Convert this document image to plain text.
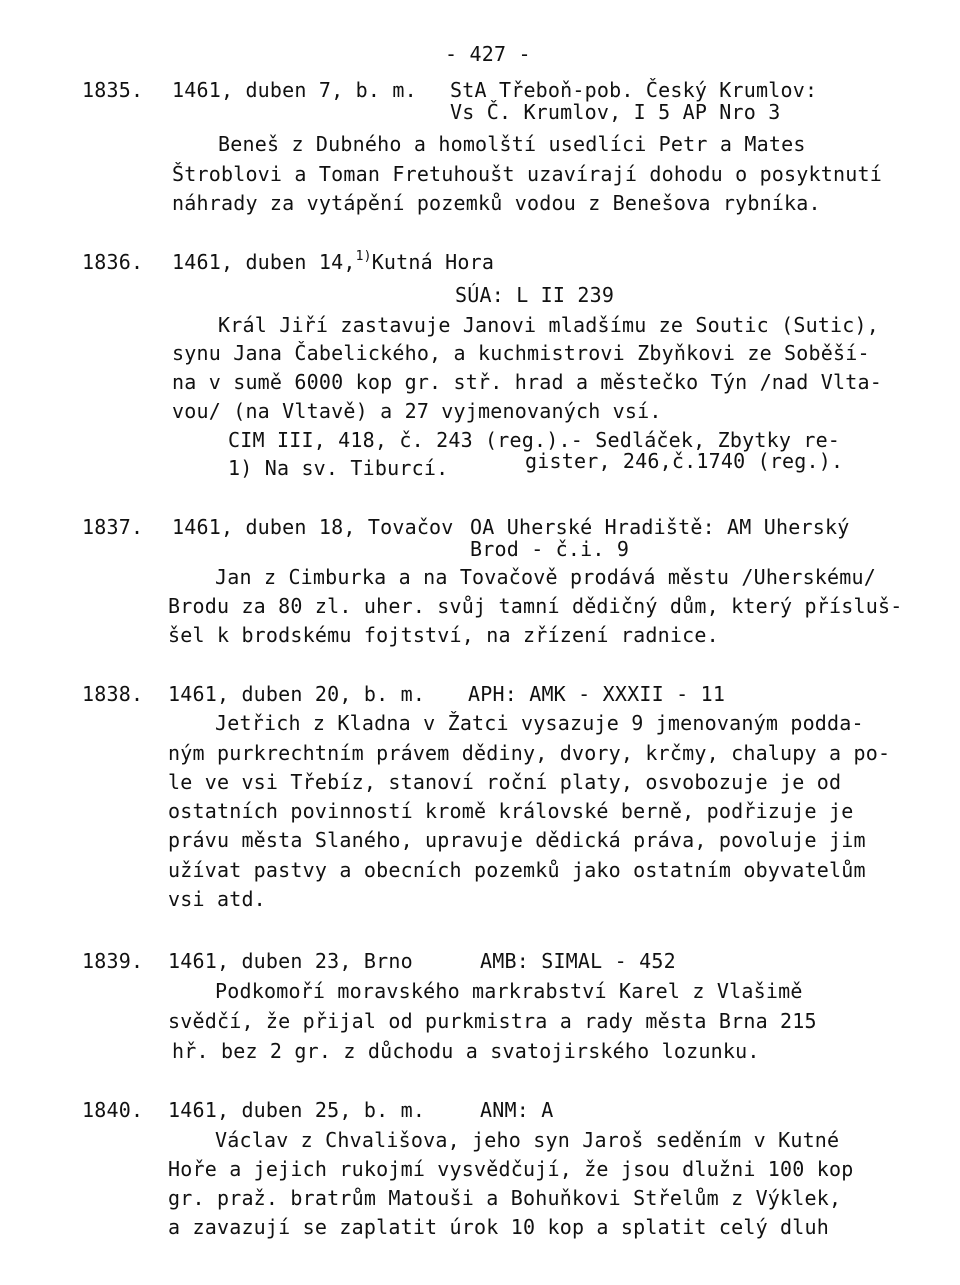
- 427 -
1835. 1461, duben 7, b. m. StA Třeboň-pob. Český Krumlov:
Vs Č. Krumlov, I 5 AP Nro 3
Beneš z Dubného a homolští usedlíci Petr a Mates
Štroblovi a Toman Fretuhoušt uzavírají dohodu o posyktnutí
náhrady za vytápění pozemků vodou z Benešova rybníka.
1836. 1461, duben 14,$^{1)}$Kutná Hora
SÚA: L II 239
Král Jiří zastavuje Janovi mladšímu ze Soutic (Sutic),
synu Jana Čabelického, a kuchmistrovi Zbyňkovi ze Soběší-
na v sumě 6000 kop gr. stř. hrad a městečko Týn /nad Vlta-
vou/ (na Vltavě) a 27 vyjmenovaných vsí.
CIM III, 418, č. 243 (reg.).- Sedláček, Zbytky re-
gister, 246,č.1740 (reg.).
1) Na sv. Tiburcí.
1837. 1461, duben 18, Tovačov OA Uherské Hradiště: AM Uherský
Brod - č.i. 9
Jan z Cimburka a na Tovačově prodává městu /Uherskému/
Brodu za 80 zl. uher. svůj tamní dědičný dům, který přísluš-
šel k brodskému fojtství, na zřízení radnice.
1838. 1461, duben 20, b. m. APH: AMK - XXXII - 11
Jetřich z Kladna v Žatci vysazuje 9 jmenovaným podda-
ným purkrechtním právem dědiny, dvory, krčmy, chalupy a po-
le ve vsi Třebíz, stanoví roční platy, osvobozuje je od
ostatních povinností kromě královské berně, podřizuje je
právu města Slaného, upravuje dědická práva, povoluje jim
užívat pastvy a obecních pozemků jako ostatním obyvatelům
vsi atd.
1839. 1461, duben 23, Brno	AMB: SIMAL - 452
Podkomoří moravského markrabství Karel z Vlašimě
svědčí, že přijal od purkmistra a rady města Brna 215
hř. bez 2 gr. z důchodu a svatojirského lozunku.
1840. 1461, duben 25, b. m.	ANM: A
Václav z Chvališova, jeho syn Jaroš seděním v Kutné
Hoře a jejich rukojmí vysvědčují, že jsou dlužni 100 kop
gr. praž. bratrům Matouši a Bohuňkovi Střelům z Výklek,
a zavazují se zaplatit úrok 10 kop a splatit celý dluh
